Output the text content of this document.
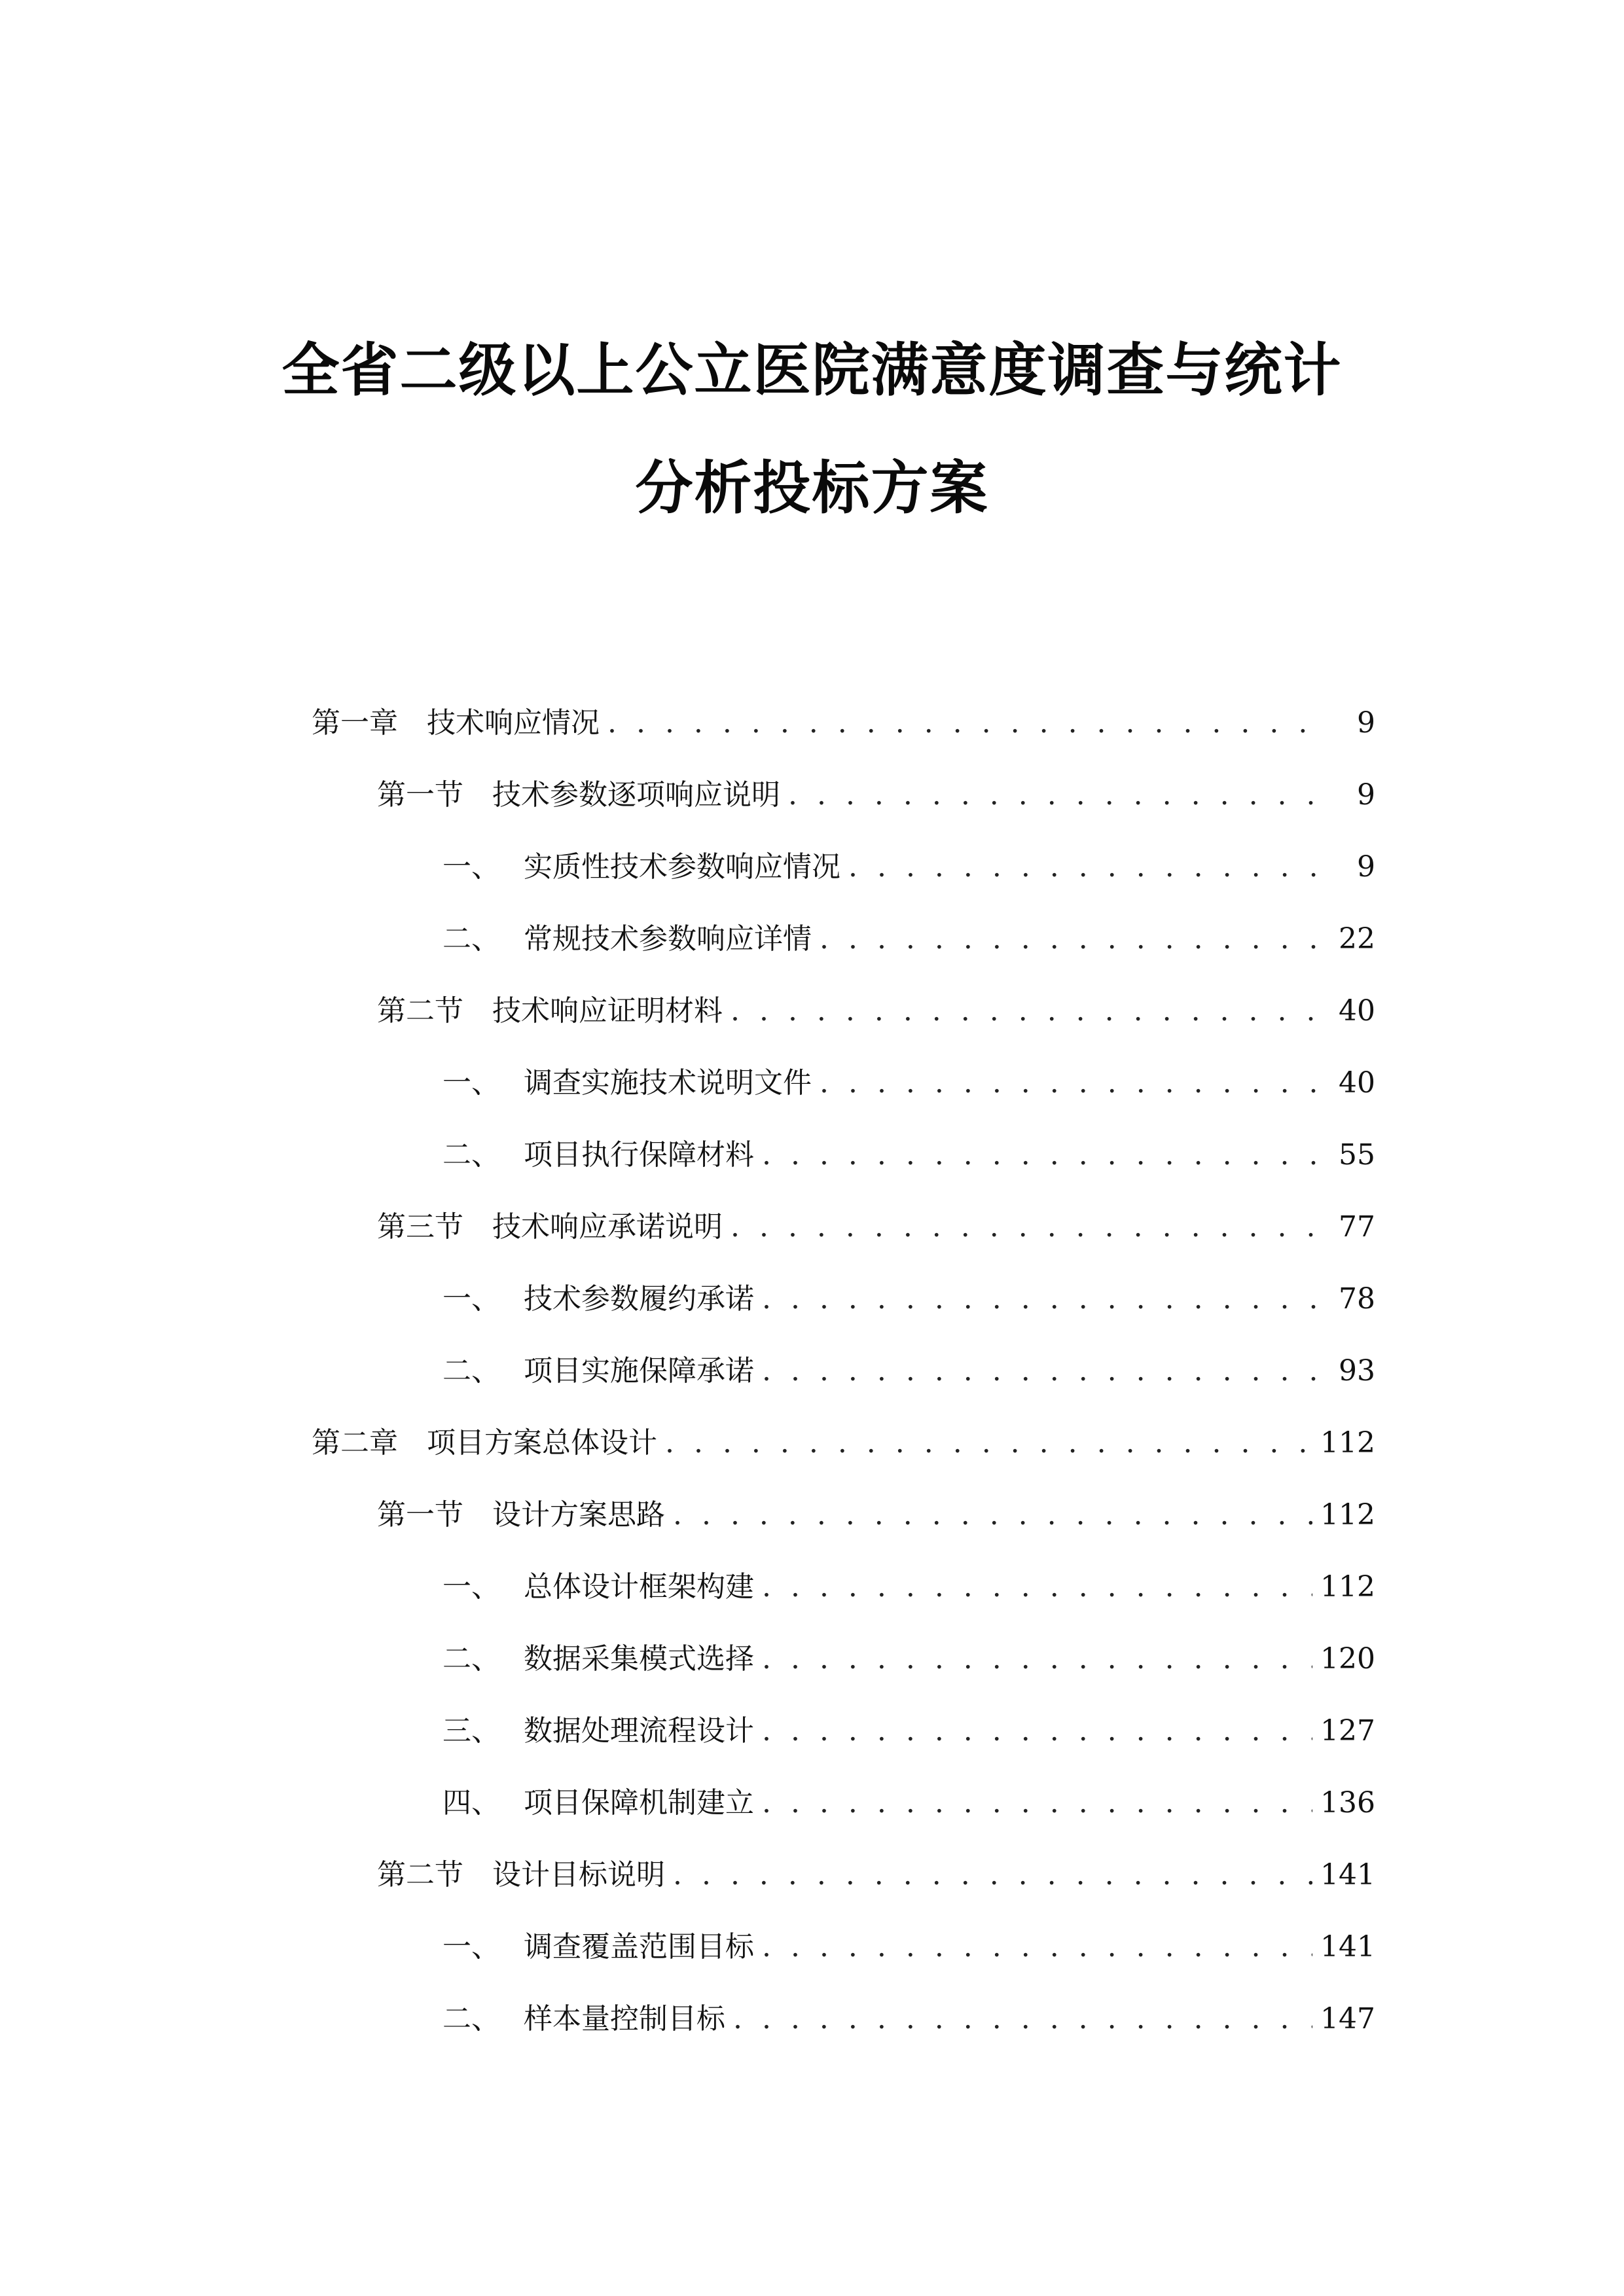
全省二级以上公立医院满意度调查与统计
分析投标方案
第一章	技术响应情况 . . .	9
第一节	技术参数逐项响应说明 . . .	9
一、 实质性技术参数响应情况 . . .	9
二、 常规技术参数响应详情 . . .	22
第二节	技术响应证明材料 . . .	40
一、 调查实施技术说明文件 . . .	40
二、 项目执行保障材料 . . .	55
第三节	技术响应承诺说明 . . .	77
一、 技术参数履约承诺 . . .	78
二、 项目实施保障承诺 . . .	93
第二章	项目方案总体设计 . . .	112
第一节	设计方案思路 . . .	112
一、 总体设计框架构建 . . .	112
二、 数据采集模式选择 . . .	120
三、 数据处理流程设计 . . .	127
四、 项目保障机制建立 . . .	136
第二节	设计目标说明 . . .	141
一、 调查覆盖范围目标 . . .	141
二、 样本量控制目标 . . .	147
